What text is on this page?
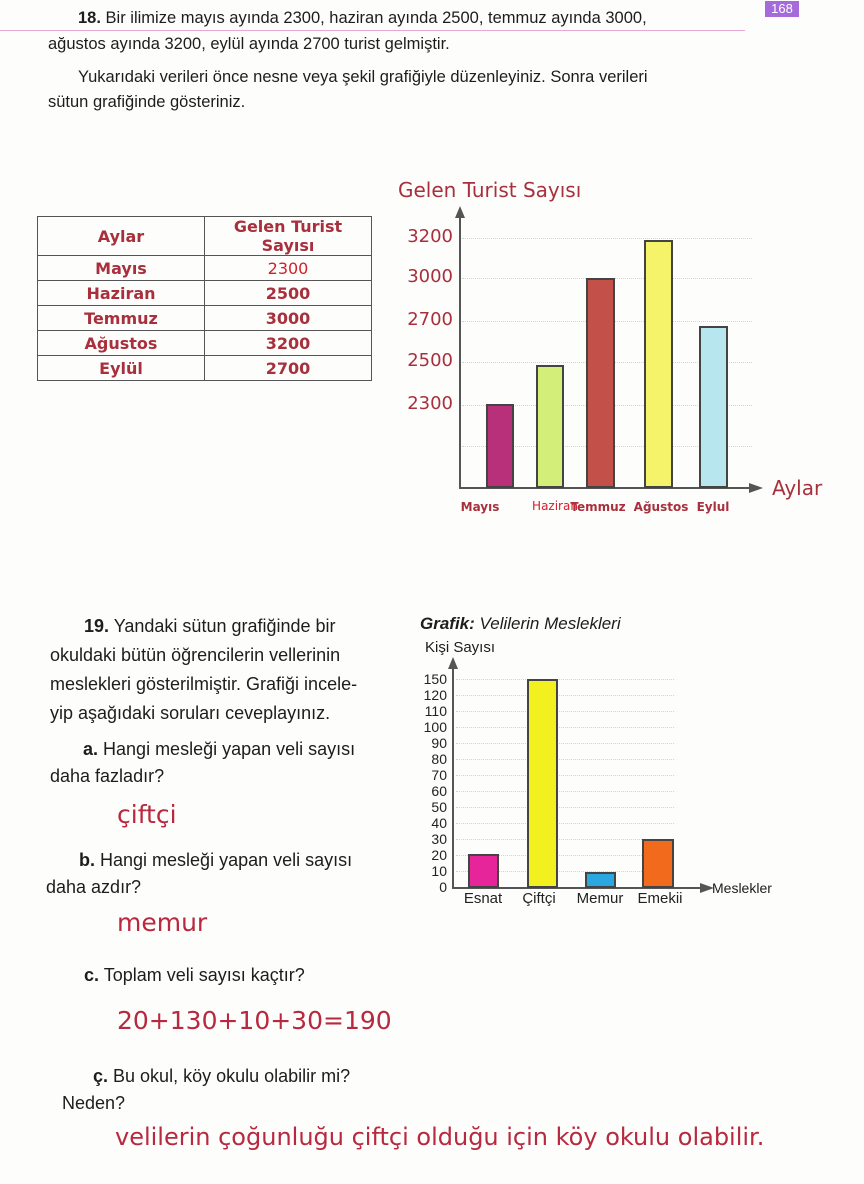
168
18. Bir ilimize mayıs ayında 2300, haziran ayında 2500, temmuz ayında 3000,
ağustos ayında 3200, eylül ayında 2700 turist gelmiştir.
Yukarıdaki verileri önce nesne veya şekil grafiğiyle düzenleyiniz. Sonra verileri
sütun grafiğinde gösteriniz.
Aylar	Gelen Turist Sayısı
Mayıs	2300
Haziran	2500
Temmuz	3000
Ağustos	3200
Eylül	2700
Gelen Turist Sayısı
Aylar
3200
3000
2700
2500
2300
Mayıs	Haziran
Temmuz Ağustos Eylul
19. Yandaki sütun grafiğinde bir
okuldaki bütün öğrencilerin vellerinin
meslekleri gösterilmiştir. Grafiği incele-
yip aşağıdaki soruları ceveplayınız.
a. Hangi mesleği yapan veli sayısı
daha fazladır?
çiftçi
b. Hangi mesleği yapan veli sayısı
daha azdır?
memur
c. Toplam veli sayısı kaçtır?
20+130+10+30=190
ç. Bu okul, köy okulu olabilir mi?
Neden?
velilerin çoğunluğu çiftçi olduğu için köy okulu olabilir.
Grafik: Velilerin Meslekleri
Kişi Sayısı
Meslekler
150
120
110
100
90
80
70
60
50
40
30
20
10
0
Esnat	Çiftçi	Memur Emekii
